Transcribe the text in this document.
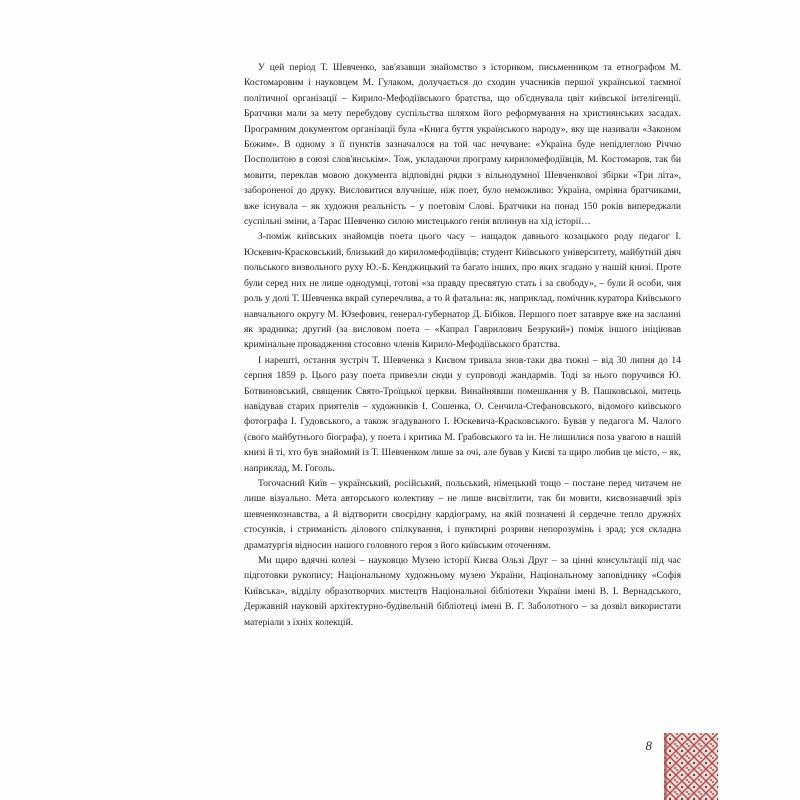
У цей період Т. Шевченко, зав'язавши знайомство з істориком, письменником та етнографом М. Костомаровим і науковцем М. Гулаком, долучається до сходин учасників першої української таємної політичної організації – Кирило-Мефодіївського братства, що об'єднувала цвіт київської інтелігенції. Братчики мали за мету перебудову суспільства шляхом його реформування на християнських засадах. Програмним документом організації була «Книга буття українського народу», яку ще називали «Законом Божим». В одному з її пунктів зазначалося на той час нечуване: «Україна буде непідлеглою Річчю Посполитою в союзі слов'янськім». Тож, укладаючи програму кириломефодіївців, М. Костомаров, так би мовити, переклав мовою документа відповідні рядки з вільнодумної Шевченкової збірки «Три літа», забороненої до друку. Висловитися влучніше, ніж поет, було неможливо: Україна, омріяна братчиками, вже існувала – як художня реальність – у поетовім Слові. Братчики на понад 150 років випереджали суспільні зміни, а Тарас Шевченко силою мистецького генія вплинув на хід історії…

З-поміж київських знайомців поета цього часу – нащадок давнього козацького роду педагог І. Юскевич-Красковський, близький до кириломефодіївців; студент Київського університету, майбутній діяч польського визвольного руху Ю.-Б. Кенджицький та багато інших, про яких згадано у нашій книзі. Проте були серед них не лише однодумці, готові «за правду пресвятую стать і за свободу», – були й особи, чия роль у долі Т. Шевченка вкрай суперечлива, а то й фатальна: як, наприклад, помічник куратора Київського навчального округу М. Юзефович, генерал-губернатор Д. Бібіков. Першого поет затавруе вже на засланні як зрадника; другий (за висловом поета – «Капрал Гаврилович Безрукий») поміж іншого ініціював кримінальне провадження стосовно членів Кирило-Мефодіївського братства.

І нарешті, остання зустріч Т. Шевченка з Києвом тривала знов-таки два тижні – від 30 липня до 14 серпня 1859 р. Цього разу поета привезли сюди у супроводі жандармів. Тоді за нього поручився Ю. Ботвиновський, священик Свято-Троїцької церкви. Винайнявши помешкання у В. Пашковської, митець навідував старих приятелів – художників І. Сошенка, О. Сенчила-Стефановського, відомого київського фотографа І. Гудовського, а також згадуваного І. Юскевича-Красковського. Бував у педагога М. Чалого (свого майбутнього біографа), у поета і критика М. Грабовського та ін. Не лишилися поза увагою в нашій книзі й ті, хто був знайомий із Т. Шевченком лише за очі, але бував у Києві та щиро любив це місто, – як, наприклад, М. Гоголь.

Тогочасний Київ – український, російський, польський, німецький тощо – постане перед читачем не лише візуально. Мета авторського колективу – не лише висвітлити, так би мовити, києвознавчий зріз шевченкознавства, а й відтворити своєрідну кардіограму, на якій позначені й сердечне тепло дружніх стосунків, і стриманість ділового спілкування, і пунктирні розриви непорозумінь і зрад; уся складна драматургія відносин нашого головного героя з його київським оточенням.

Ми щиро вдячні колезі – науковцю Музею історії Києва Ользі Друг – за цінні консультації під час підготовки рукопису; Національному художньому музею України, Національному заповіднику «Софія Київська», відділу образотворчих мистецтв Національної бібліотеки України імені В. І. Вернадського, Державній науковій архітектурно-будівельній бібліотеці імені В. Г. Заболотного – за дозвіл використати матеріали з їхніх колекцій.

8
